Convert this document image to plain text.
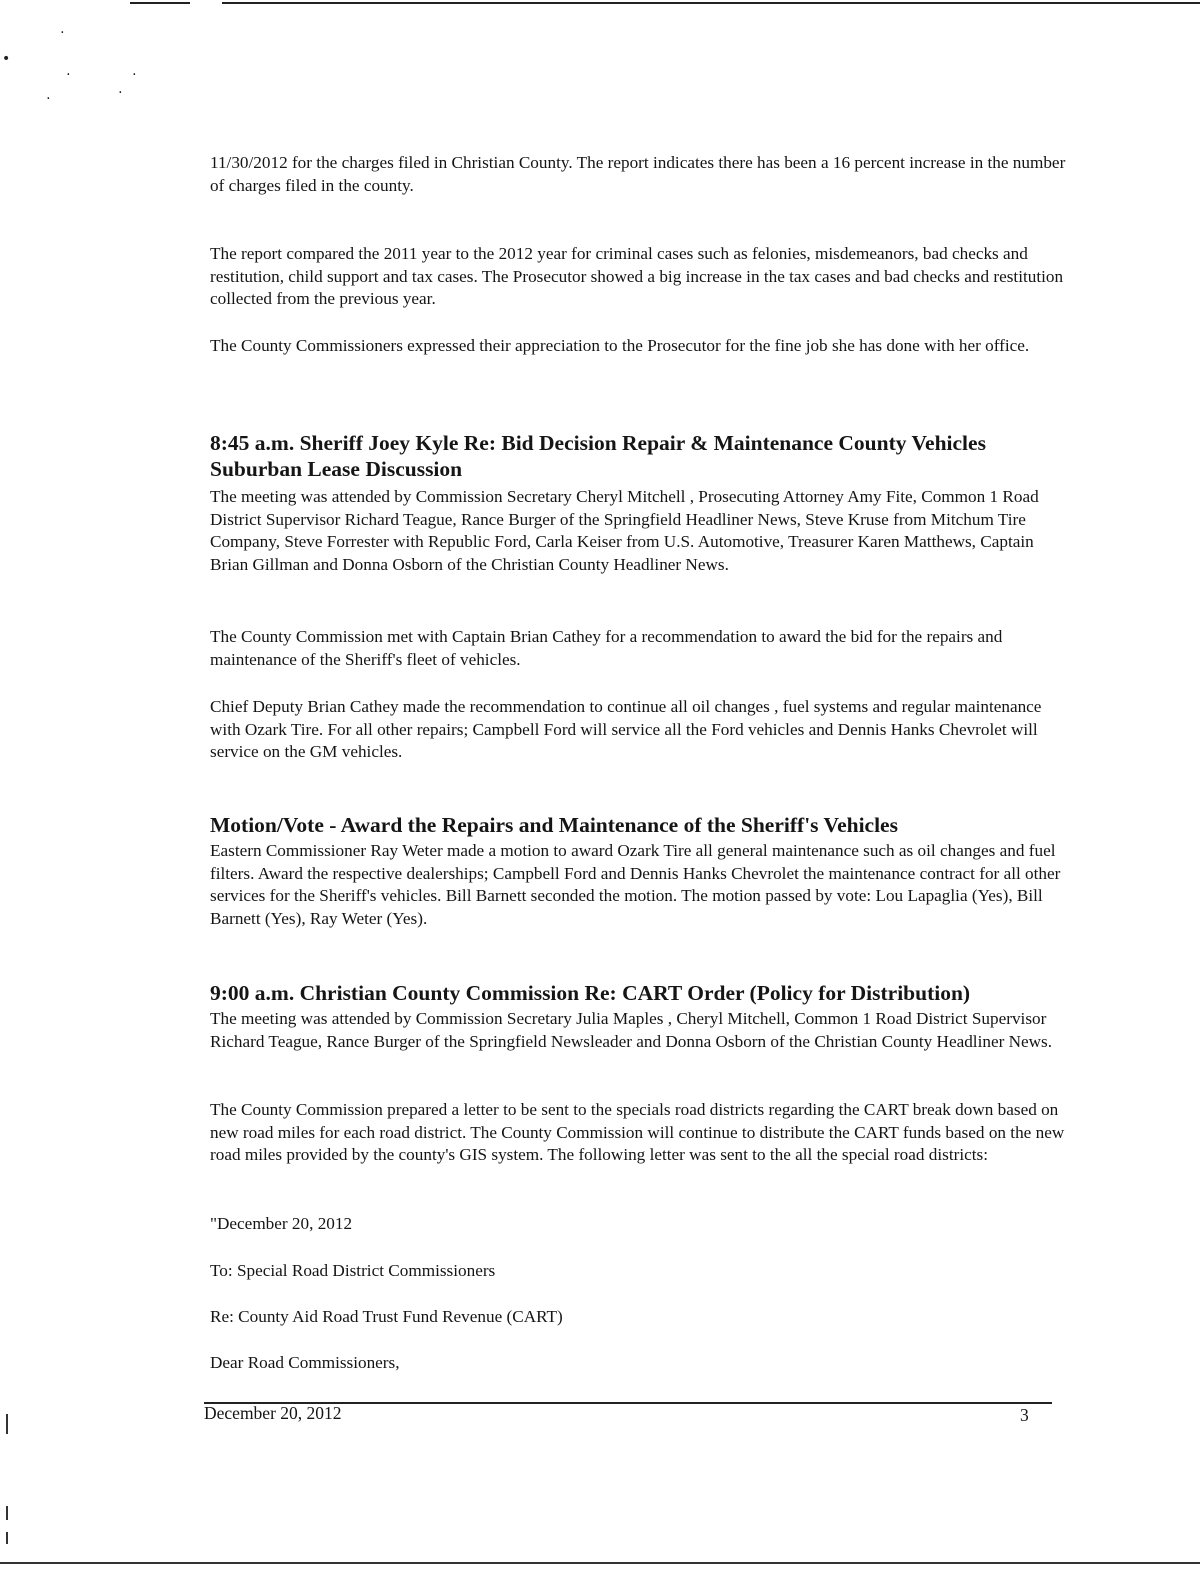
․
•
․	․
․	․

11/30/2012 for the charges filed in Christian County. The report indicates there has been a 16 percent increase in the number of charges filed in the county.

The report compared the 2011 year to the 2012 year for criminal cases such as felonies, misdemeanors, bad checks and restitution, child support and tax cases. The Prosecutor showed a big increase in the tax cases and bad checks and restitution collected from the previous year.

The County Commissioners expressed their appreciation to the Prosecutor for the fine job she has done with her office.

8:45 a.m. Sheriff Joey Kyle Re: Bid Decision Repair & Maintenance County Vehicles Suburban Lease Discussion

The meeting was attended by Commission Secretary Cheryl Mitchell , Prosecuting Attorney Amy Fite, Common 1 Road District Supervisor Richard Teague, Rance Burger of the Springfield Headliner News, Steve Kruse from Mitchum Tire Company, Steve Forrester with Republic Ford, Carla Keiser from U.S. Automotive, Treasurer Karen Matthews, Captain Brian Gillman and Donna Osborn of the Christian County Headliner News.

The County Commission met with Captain Brian Cathey for a recommendation to award the bid for the repairs and maintenance of the Sheriff's fleet of vehicles.

Chief Deputy Brian Cathey made the recommendation to continue all oil changes , fuel systems and regular maintenance with Ozark Tire. For all other repairs; Campbell Ford will service all the Ford vehicles and Dennis Hanks Chevrolet will service on the GM vehicles.

Motion/Vote - Award the Repairs and Maintenance of the Sheriff's Vehicles

Eastern Commissioner Ray Weter made a motion to award Ozark Tire all general maintenance such as oil changes and fuel filters. Award the respective dealerships; Campbell Ford and Dennis Hanks Chevrolet the maintenance contract for all other services for the Sheriff's vehicles. Bill Barnett seconded the motion. The motion passed by vote: Lou Lapaglia (Yes), Bill Barnett (Yes), Ray Weter (Yes).

9:00 a.m. Christian County Commission Re: CART Order (Policy for Distribution)

The meeting was attended by Commission Secretary Julia Maples , Cheryl Mitchell, Common 1 Road District Supervisor Richard Teague, Rance Burger of the Springfield Newsleader and Donna Osborn of the Christian County Headliner News.

The County Commission prepared a letter to be sent to the specials road districts regarding the CART break down based on new road miles for each road district. The County Commission will continue to distribute the CART funds based on the new road miles provided by the county's GIS system. The following letter was sent to the all the special road districts:

"December 20, 2012

To: Special Road District Commissioners

Re: County Aid Road Trust Fund Revenue (CART)

Dear Road Commissioners,

December 20, 2012	3
